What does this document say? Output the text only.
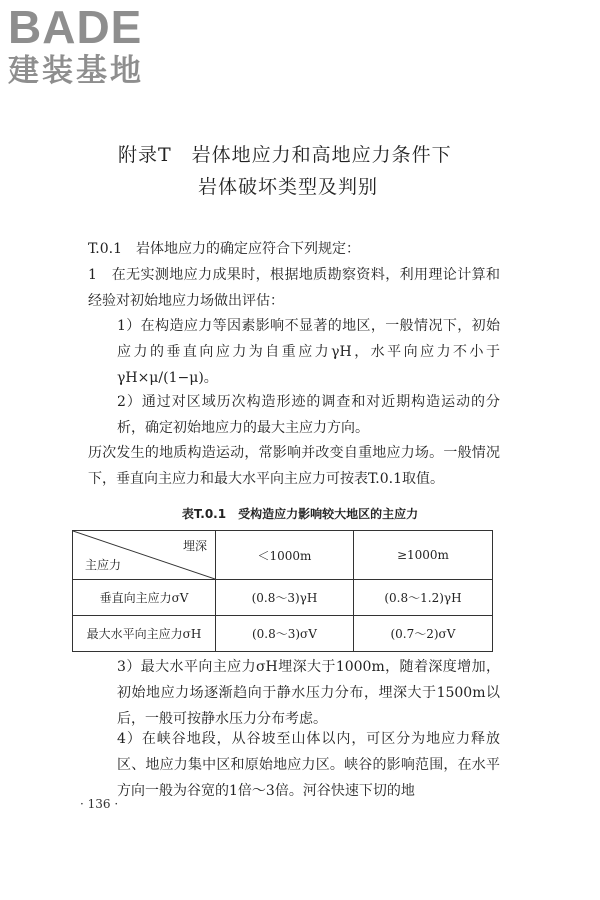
BADE
建装基地
附录T　岩体地应力和高地应力条件下
岩体破坏类型及判别
T.0.1　岩体地应力的确定应符合下列规定：
1　在无实测地应力成果时，根据地质勘察资料，利用理论计算和经验对初始地应力场做出评估：
1）在构造应力等因素影响不显著的地区，一般情况下，初始应力的垂直向应力为自重应力γH，水平向应力不小于γH×μ/(1−μ)。
2）通过对区域历次构造形迹的调查和对近期构造运动的分析，确定初始地应力的最大主应力方向。
历次发生的地质构造运动，常影响并改变自重地应力场。一般情况下，垂直向主应力和最大水平向主应力可按表T.0.1取值。
表T.0.1　受构造应力影响较大地区的主应力
埋深
主应力	＜1000m	≥1000m
垂直向主应力σV	(0.8～3)γH	(0.8～1.2)γH
最大水平向主应力σH	(0.8～3)σV	(0.7～2)σV
3）最大水平向主应力σH埋深大于1000m，随着深度增加，初始地应力场逐渐趋向于静水压力分布，埋深大于1500m以后，一般可按静水压力分布考虑。
4）在峡谷地段，从谷坡至山体以内，可区分为地应力释放区、地应力集中区和原始地应力区。峡谷的影响范围，在水平方向一般为谷宽的1倍～3倍。河谷快速下切的地
· 136 ·
